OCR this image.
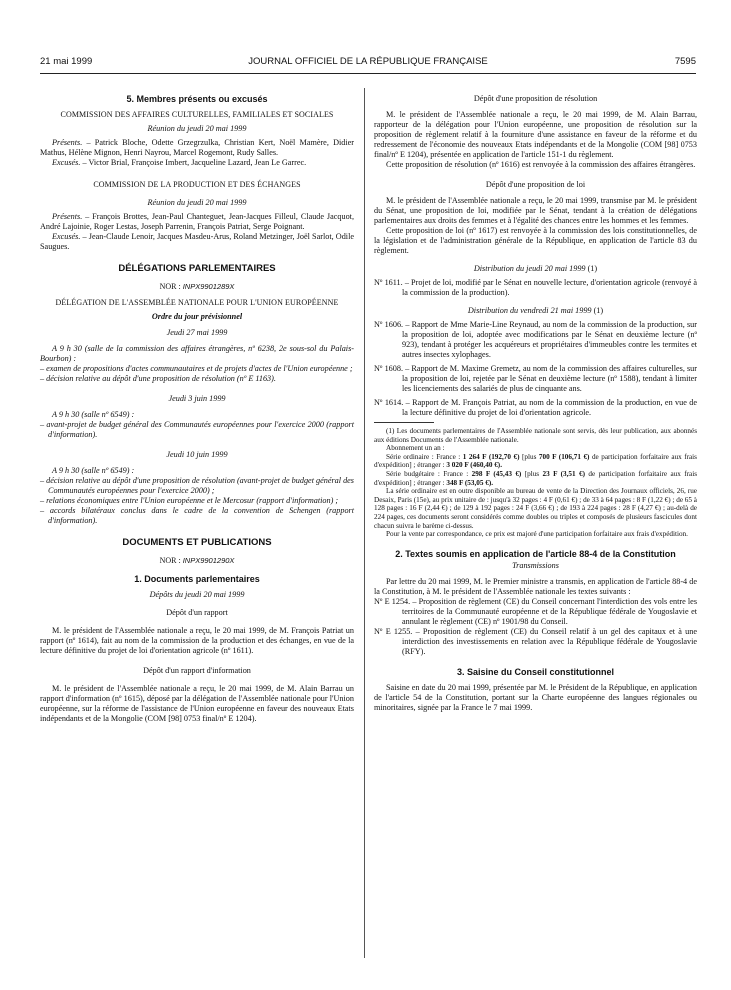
21 mai 1999	JOURNAL OFFICIEL DE LA RÉPUBLIQUE FRANÇAISE	7595
5. Membres présents ou excusés

COMMISSION DES AFFAIRES CULTURELLES, FAMILIALES ET SOCIALES

Réunion du jeudi 20 mai 1999

Présents. – Patrick Bloche, Odette Grzegrzulka, Christian Kert, Noël Mamère, Didier Mathus, Hélène Mignon, Henri Nayrou, Marcel Rogemont, Rudy Salles.

Excusés. – Victor Brial, Françoise Imbert, Jacqueline Lazard, Jean Le Garrec.

COMMISSION DE LA PRODUCTION ET DES ÉCHANGES

Réunion du jeudi 20 mai 1999

Présents. – François Brottes, Jean-Paul Chanteguet, Jean-Jacques Filleul, Claude Jacquot, André Lajoinie, Roger Lestas, Joseph Parrenin, François Patriat, Serge Poignant.

Excusés. – Jean-Claude Lenoir, Jacques Masdeu-Arus, Roland Metzinger, Joël Sarlot, Odile Saugues.

DÉLÉGATIONS PARLEMENTAIRES

NOR : INPX9901289X

DÉLÉGATION DE L'ASSEMBLÉE NATIONALE POUR L'UNION EUROPÉENNE

Ordre du jour prévisionnel

Jeudi 27 mai 1999

A 9 h 30 (salle de la commission des affaires étrangères, nº 6238, 2e sous-sol du Palais-Bourbon) :

– examen de propositions d'actes communautaires et de projets d'actes de l'Union européenne ;

– décision relative au dépôt d'une proposition de résolution (nº E 1163).

Jeudi 3 juin 1999

A 9 h 30 (salle nº 6549) :

– avant-projet de budget général des Communautés européennes pour l'exercice 2000 (rapport d'information).

Jeudi 10 juin 1999

A 9 h 30 (salle nº 6549) :

– décision relative au dépôt d'une proposition de résolution (avant-projet de budget général des Communautés européennes pour l'exercice 2000) ;

– relations économiques entre l'Union européenne et le Mercosur (rapport d'information) ;

– accords bilatéraux conclus dans le cadre de la convention de Schengen (rapport d'information).

DOCUMENTS ET PUBLICATIONS

NOR : INPX9901290X

1. Documents parlementaires

Dépôts du jeudi 20 mai 1999

Dépôt d'un rapport

M. le président de l'Assemblée nationale a reçu, le 20 mai 1999, de M. François Patriat un rapport (nº 1614), fait au nom de la commission de la production et des échanges, en vue de la lecture définitive du projet de loi d'orientation agricole (nº 1611).

Dépôt d'un rapport d'information

M. le président de l'Assemblée nationale a reçu, le 20 mai 1999, de M. Alain Barrau un rapport d'information (nº 1615), déposé par la délégation de l'Assemblée nationale pour l'Union européenne, sur la réforme de l'assistance de l'Union européenne en faveur des nouveaux Etats indépendants et de la Mongolie (COM [98] 0753 final/nº E 1204).

Dépôt d'une proposition de résolution

M. le président de l'Assemblée nationale a reçu, le 20 mai 1999, de M. Alain Barrau, rapporteur de la délégation pour l'Union européenne, une proposition de résolution sur la proposition de règlement relatif à la fourniture d'une assistance en faveur de la réforme et du redressement de l'économie des nouveaux Etats indépendants et de la Mongolie (COM [98] 0753 final/nº E 1204), présentée en application de l'article 151-1 du règlement.

Cette proposition de résolution (nº 1616) est renvoyée à la commission des affaires étrangères.

Dépôt d'une proposition de loi

M. le président de l'Assemblée nationale a reçu, le 20 mai 1999, transmise par M. le président du Sénat, une proposition de loi, modifiée par le Sénat, tendant à la création de délégations parlementaires aux droits des femmes et à l'égalité des chances entre les hommes et les femmes.

Cette proposition de loi (nº 1617) est renvoyée à la commission des lois constitutionnelles, de la législation et de l'administration générale de la République, en application de l'article 83 du règlement.

Distribution du jeudi 20 mai 1999 (1)

Nº 1611. – Projet de loi, modifié par le Sénat en nouvelle lecture, d'orientation agricole (renvoyé à la commission de la production).

Distribution du vendredi 21 mai 1999 (1)

Nº 1606. – Rapport de Mme Marie-Line Reynaud, au nom de la commission de la production, sur la proposition de loi, adoptée avec modifications par le Sénat en deuxième lecture (nº 923), tendant à protéger les acquéreurs et propriétaires d'immeubles contre les termites et autres insectes xylophages.

Nº 1608. – Rapport de M. Maxime Gremetz, au nom de la commission des affaires culturelles, sur la proposition de loi, rejetée par le Sénat en deuxième lecture (nº 1588), tendant à limiter les licenciements des salariés de plus de cinquante ans.

Nº 1614. – Rapport de M. François Patriat, au nom de la commission de la production, en vue de la lecture définitive du projet de loi d'orientation agricole.

(1) Les documents parlementaires de l'Assemblée nationale sont servis, dès leur publication, aux abonnés aux éditions Documents de l'Assemblée nationale.

Abonnement un an :

Série ordinaire : France : 1 264 F (192,70 €) [plus 700 F (106,71 €) de participation forfaitaire aux frais d'expédition] ; étranger : 3 020 F (460,40 €).

Série budgétaire : France : 298 F (45,43 €) [plus 23 F (3,51 €) de participation forfaitaire aux frais d'expédition] ; étranger : 348 F (53,05 €).

La série ordinaire est en outre disponible au bureau de vente de la Direction des Journaux officiels, 26, rue Desaix, Paris (15e), au prix unitaire de : jusqu'à 32 pages : 4 F (0,61 €) ; de 33 à 64 pages : 8 F (1,22 €) ; de 65 à 128 pages : 16 F (2,44 €) ; de 129 à 192 pages : 24 F (3,66 €) ; de 193 à 224 pages : 28 F (4,27 €) ; au-delà de 224 pages, ces documents seront considérés comme doubles ou triples et composés de plusieurs fascicules dont chacun suivra le barème ci-dessus.

Pour la vente par correspondance, ce prix est majoré d'une participation forfaitaire aux frais d'expédition.

2. Textes soumis en application de l'article 88-4 de la Constitution

Transmissions

Par lettre du 20 mai 1999, M. le Premier ministre a transmis, en application de l'article 88-4 de la Constitution, à M. le président de l'Assemblée nationale les textes suivants :

Nº E 1254. – Proposition de règlement (CE) du Conseil concernant l'interdiction des vols entre les territoires de la Communauté européenne et de la République fédérale de Yougoslavie et annulant le règlement (CE) nº 1901/98 du Conseil.

Nº E 1255. – Proposition de règlement (CE) du Conseil relatif à un gel des capitaux et à une interdiction des investissements en relation avec la République fédérale de Yougoslavie (RFY).

3. Saisine du Conseil constitutionnel

Saisine en date du 20 mai 1999, présentée par M. le Président de la République, en application de l'article 54 de la Constitution, portant sur la Charte européenne des langues régionales ou minoritaires, signée par la France le 7 mai 1999.
